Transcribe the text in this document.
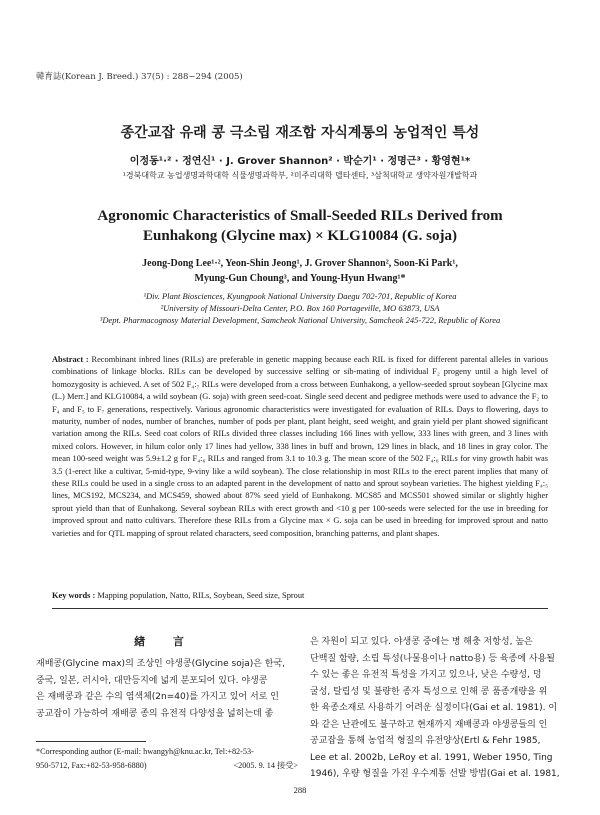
韓育誌(Korean J. Breed.) 37(5) : 288~294 (2005)
종간교잡 유래 콩 극소립 재조합 자식계통의 농업적인 특성
이정동¹·² · 정연신¹ · J. Grover Shannon² · 박순기¹ · 정명근³ · 황영현¹*
¹경북대학교 농업생명과학대학 식물생명과학부, ²미주리대학 델타센타, ³삼척대학교 생약자원개발학과
Agronomic Characteristics of Small-Seeded RILs Derived from
Eunhakong (Glycine max) × KLG10084 (G. soja)
Jeong-Dong Lee¹·², Yeon-Shin Jeong¹, J. Grover Shannon², Soon-Ki Park¹,
Myung-Gun Choung³, and Young-Hyun Hwang¹*
¹Div. Plant Biosciences, Kyungpook National University Daegu 702-701, Republic of Korea
²University of Missouri-Delta Center, P.O. Box 160 Portageville, MO 63873, USA
³Dept. Pharmacognosy Material Development, Samcheok National University, Samcheok 245-722, Republic of Korea
Abstract : Recombinant inbred lines (RILs) are preferable in genetic mapping because each RIL is fixed for different parental alleles in various combinations of linkage blocks. RILs can be developed by successive selfing or sib-mating of individual F₂ progeny until a high level of homozygosity is achieved. A set of 502 F₄:₇ RILs were developed from a cross between Eunhakong, a yellow-seeded sprout soybean [Glycine max (L.) Merr.] and KLG10084, a wild soybean (G. soja) with green seed-coat. Single seed decent and pedigree methods were used to advance the F₂ to F₄ and F₅ to F₇ generations, respectively. Various agronomic characteristics were investigated for evaluation of RILs. Days to flowering, days to maturity, number of nodes, number of branches, number of pods per plant, plant height, seed weight, and grain yield per plant showed significant variation among the RILs. Seed coat colors of RILs divided three classes including 166 lines with yellow, 333 lines with green, and 3 lines with mixed colors. However, in hilum color only 17 lines had yellow, 338 lines in buff and brown, 129 lines in black, and 18 lines in gray color. The mean 100-seed weight was 5.9±1.2 g for F₄:₆ RILs and ranged from 3.1 to 10.3 g. The mean score of the 502 F₄:₆ RILs for viny growth habit was 3.5 (1-erect like a cultivar, 5-mid-type, 9-viny like a wild soybean). The close relationship in most RILs to the erect parent implies that many of these RILs could be used in a single cross to an adapted parent in the development of natto and sprout soybean varieties. The highest yielding F₄:₅ lines, MCS192, MCS234, and MCS459, showed about 87% seed yield of Eunhakong. MCS85 and MCS501 showed similar or slightly higher sprout yield than that of Eunhakong. Several soybean RILs with erect growth and <10 g per 100-seeds were selected for the use in breeding for improved sprout and natto cultivars. Therefore these RILs from a Glycine max × G. soja can be used in breeding for improved sprout and natto varieties and for QTL mapping of sprout related characters, seed composition, branching patterns, and plant shapes.
Key words : Mapping population, Natto, RILs, Soybean, Seed size, Sprout
緖 言
재배콩(Glycine max)의 조상인 야생콩(Glycine soja)은 한국,
중국, 일본, 러시아, 대만등지에 넓게 분포되어 있다. 야생콩
은 재배콩과 같은 수의 염색체(2n=40)를 가지고 있어 서로 인
공교잡이 가능하여 재배콩 종의 유전적 다양성을 넓히는데 좋
*Corresponding author (E-mail: hwangyh@knu.ac.kr, Tel:+82-53-
950-5712, Fax:+82-53-958-6880)	<2005. 9. 14 接受>
은 자원이 되고 있다. 야생콩 중에는 병 해충 저항성, 높은
단백질 함량, 소립 특성(나물용이나 natto용) 등 육종에 사용될
수 있는 좋은 유전적 특성을 가지고 있으나, 낮은 수량성, 덩
굴성, 탈립성 및 불량한 종자 특성으로 인해 콩 품종개량을 위
한 육종소재로 사용하기 어려운 실정이다(Gai et al. 1981). 이
와 같은 난관에도 불구하고 현재까지 재배콩과 야생콩들의 인
공교잡을 통해 농업적 형질의 유전양상(Ertl & Fehr 1985,
Lee et al. 2002b, LeRoy et al. 1991, Weber 1950, Ting
1946), 우량 형질을 가진 우수계통 선발 방법(Gai et al. 1981,
288
